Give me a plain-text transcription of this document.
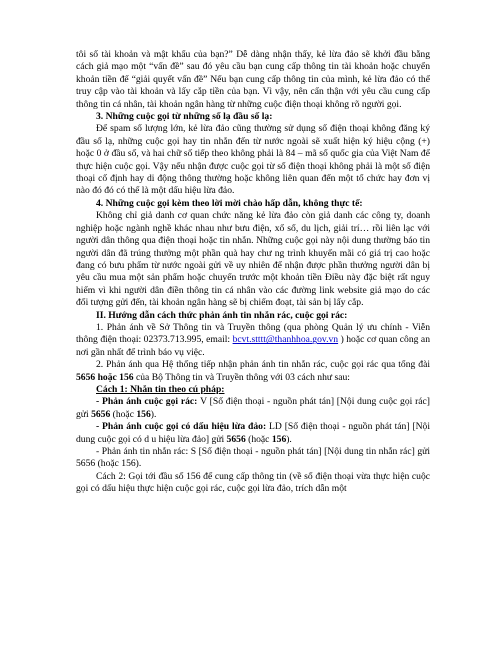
tôi số tài khoản và mật khẩu của bạn?” Dễ dàng nhận thấy, kẻ lừa đảo sẽ khởi đầu bằng cách giả mạo một “vấn đề” sau đó yêu cầu bạn cung cấp thông tin tài khoản hoặc chuyển khoản tiền để “giải quyết vấn đề” Nếu bạn cung cấp thông tin của mình, kẻ lừa đảo có thể truy cập vào tài khoản và lấy cắp tiền của bạn. Vì vậy, nên cẩn thận với yêu cầu cung cấp thông tin cá nhân, tài khoản ngân hàng từ những cuộc điện thoại không rõ người gọi.

3. Những cuộc gọi từ những số lạ đầu số lạ:

Để spam số lượng lớn, kẻ lừa đảo cũng thường sử dụng số điện thoại không đăng ký đầu số lạ, những cuộc gọi hay tin nhắn đến từ nước ngoài sẽ xuất hiện ký hiệu cộng (+) hoặc 0 ở đầu số, và hai chữ số tiếp theo không phải là 84 – mã số quốc gia của Việt Nam để thực hiện cuộc gọi. Vậy nếu nhận được cuộc gọi từ số điện thoại không phải là một số điện thoại cố định hay di động thông thường hoặc không liên quan đến một tổ chức hay đơn vị nào đó đó có thể là một dấu hiệu lừa đảo.

4. Những cuộc gọi kèm theo lời mời chào hấp dẫn, không thực tế:

Không chỉ giả danh cơ quan chức năng kẻ lừa đảo còn giả danh các công ty, doanh nghiệp hoặc ngành nghề khác nhau như bưu điện, xổ số, du lịch, giải trí… rồi liên lạc với người dân thông qua điện thoại hoặc tin nhắn. Những cuộc gọi này nội dung thường báo tin người dân đã trúng thưởng một phần quà hay chư ng trình khuyến mãi có giá trị cao hoặc đang có bưu phẩm từ nước ngoài gửi về uy nhiên để nhận được phần thưởng người dân bị yêu cầu mua một sản phẩm hoặc chuyển trước một khoản tiền Điều này đặc biệt rất nguy hiểm vì khi người dân điền thông tin cá nhân vào các đường link website giả mạo do các đối tượng gửi đến, tài khoản ngân hàng sẽ bị chiếm đoạt, tài sản bị lấy cắp.

II. Hướng dẫn cách thức phản ánh tin nhắn rác, cuộc gọi rác:

1. Phản ánh về Sở Thông tin và Truyền thông (qua phòng Quản lý ưu chính - Viễn thông điện thoại: 02373.713.995, email: bcvt.stttt@thanhhoa.gov.vn ) hoặc cơ quan công an nơi gần nhất để trình báo vụ việc.

2. Phản ánh qua Hệ thống tiếp nhận phản ánh tin nhắn rác, cuộc gọi rác qua tổng đài 5656 hoặc 156 của Bộ Thông tin và Truyền thông với 03 cách như sau:

Cách 1: Nhắn tin theo cú pháp:

- Phản ánh cuộc gọi rác: V [Số điện thoại - nguồn phát tán] [Nội dung cuộc gọi rác] gửi 5656 (hoặc 156).

- Phản ánh cuộc gọi có dấu hiệu lừa đảo: LD [Số điện thoại - nguồn phát tán] [Nội dung cuộc gọi có d u hiệu lừa đảo] gửi 5656 (hoặc 156).

- Phản ánh tin nhắn rác: S [Số điện thoại - nguồn phát tán] [Nội dung tin nhắn rác] gửi 5656 (hoặc 156).

Cách 2: Gọi tới đầu số 156 để cung cấp thông tin (về số điện thoại vừa thực hiện cuộc gọi có dấu hiệu thực hiện cuộc gọi rác, cuộc gọi lừa đảo, trích dẫn một
